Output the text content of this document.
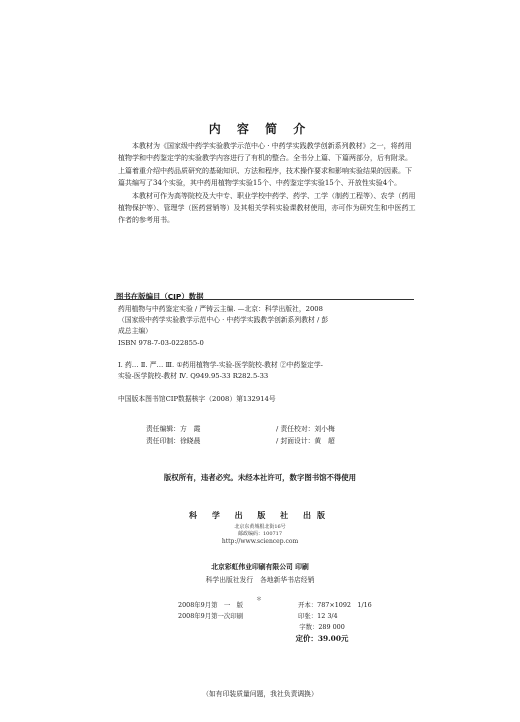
内 容 简 介

本教材为《国家级中药学实验教学示范中心 · 中药学实践教学创新系列教材》之一，将药用植物学和中药鉴定学的实验教学内容进行了有机的整合。全书分上篇、下篇两部分，后有附录。上篇着重介绍中药品质研究的基础知识、方法和程序，技术操作要求和影响实验结果的因素。下篇共编写了34个实验，其中药用植物学实验15个、中药鉴定学实验15个、开放性实验4个。

本教材可作为高等院校及大中专、职业学校中药学、药学、工学（制药工程等）、农学（药用植物保护等）、管理学（医药营销等）及其相关学科实验课教材使用，亦可作为研究生和中医药工作者的参考用书。

图书在版编目（CIP）数据
药用植物与中药鉴定实验 / 严铸云主编. —北京：科学出版社，2008
（国家级中药学实验教学示范中心 · 中药学实践教学创新系列教材 / 彭
成总主编）
ISBN 978-7-03-022855-0

Ⅰ. 药… Ⅱ. 严… Ⅲ. ①药用植物学-实验-医学院校-教材 ②中药鉴定学-
实验-医学院校-教材 Ⅳ. Q949.95-33 R282.5-33

中国版本图书馆CIP数据核字（2008）第132914号
责任编辑：方　霞	/ 责任校对：刘小梅
责任印制：徐晓晨	/ 封面设计：黄　超
版权所有，违者必究。未经本社许可，数字图书馆不得使用
科 学 出 版 社 出版
北京东黄城根北街16号
邮政编码：100717
http://www.sciencep.com
北京彩虹伟业印刷有限公司 印刷
科学出版社发行　各地新华书店经销
＊
2008年9月第　一　版	开本：787×1092　1/16
2008年9月第一次印刷	印张：12 3/4
字数：289 000
定价：39.00元
（如有印装质量问题，我社负责调换）
